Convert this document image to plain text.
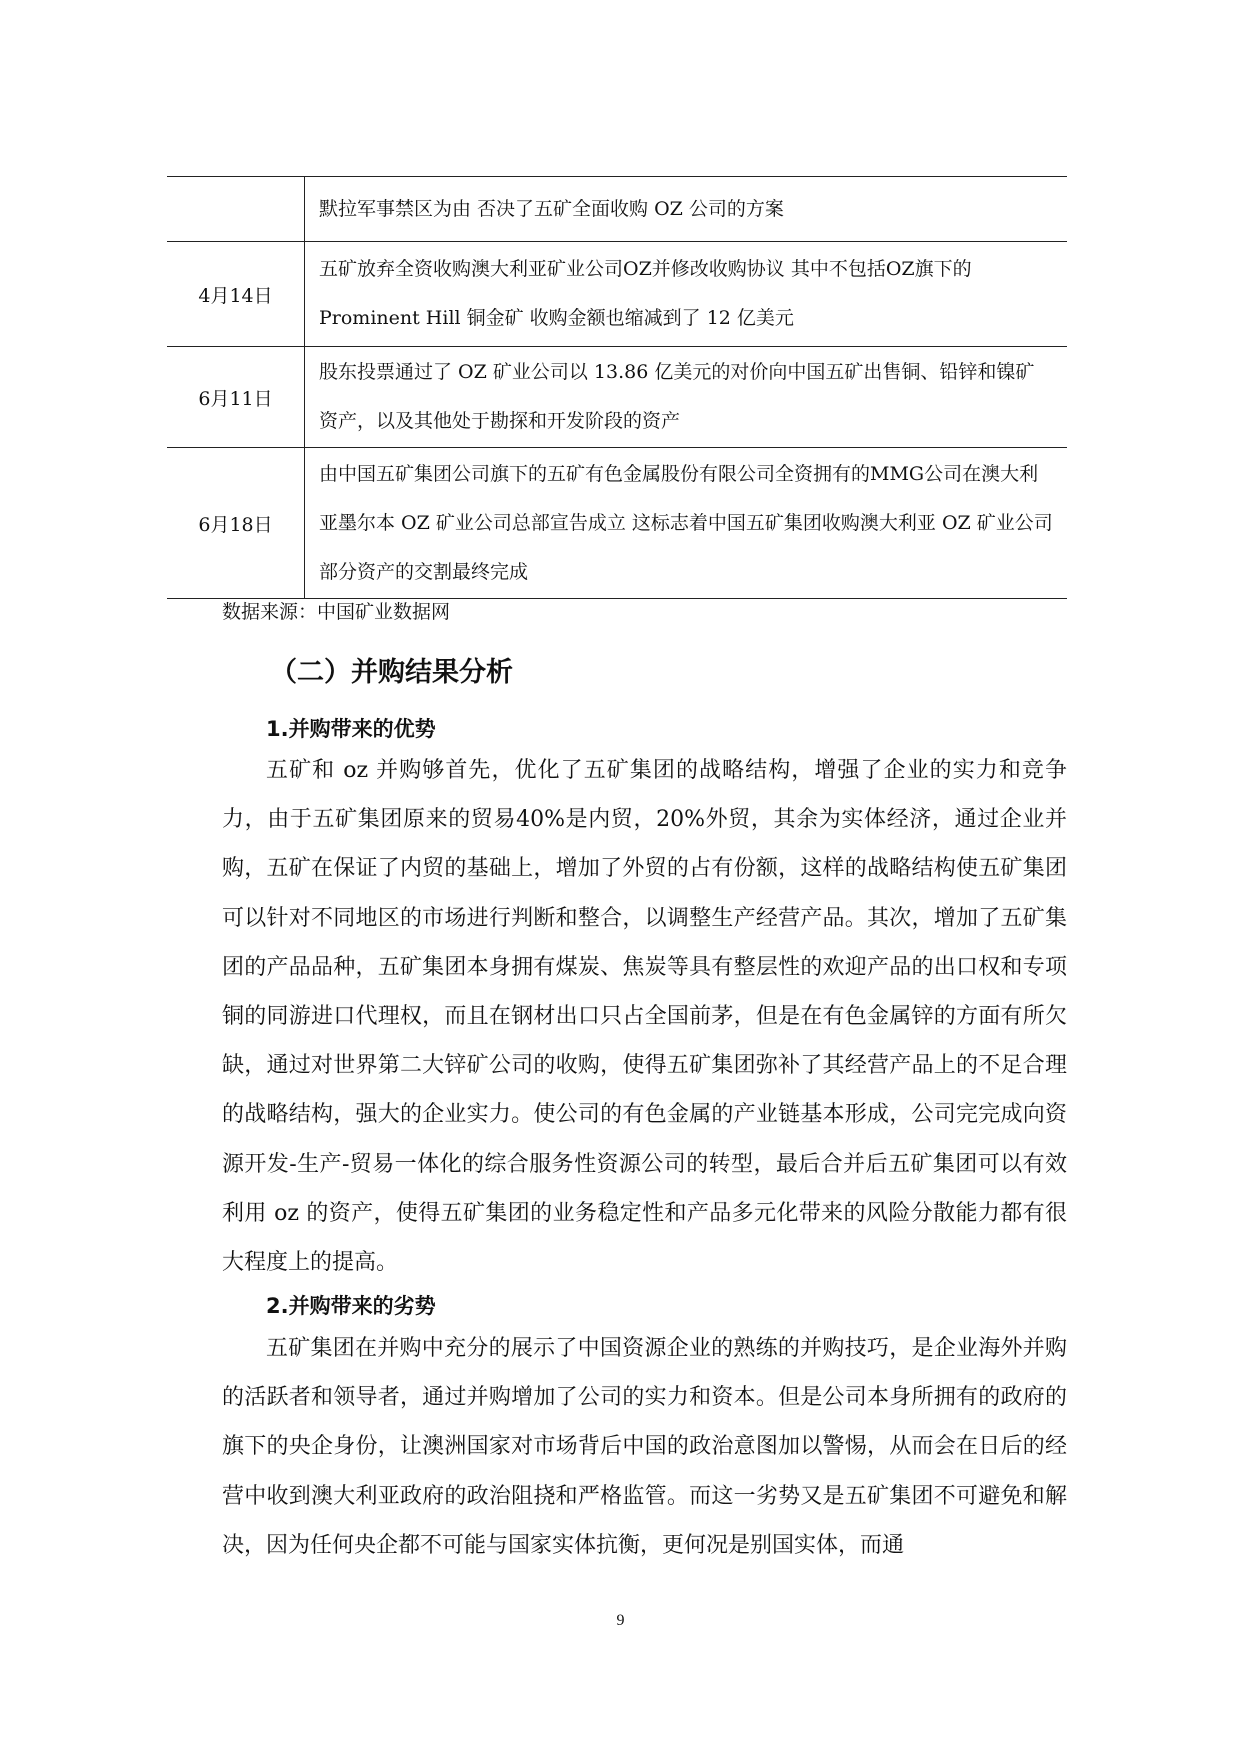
	默拉军事禁区为由 否决了五矿全面收购 OZ 公司的方案
4月14日	五矿放弃全资收购澳大利亚矿业公司OZ并修改收购协议 其中不包括OZ旗下的 Prominent Hill 铜金矿 收购金额也缩减到了 12 亿美元
6月11日	股东投票通过了 OZ 矿业公司以 13.86 亿美元的对价向中国五矿出售铜、铅锌和镍矿资产，以及其他处于勘探和开发阶段的资产
6月18日	由中国五矿集团公司旗下的五矿有色金属股份有限公司全资拥有的MMG公司在澳大利亚墨尔本 OZ 矿业公司总部宣告成立 这标志着中国五矿集团收购澳大利亚 OZ 矿业公司部分资产的交割最终完成
数据来源：中国矿业数据网
（二）并购结果分析
1.并购带来的优势
五矿和 oz 并购够首先，优化了五矿集团的战略结构，增强了企业的实力和竞争力，由于五矿集团原来的贸易40%是内贸，20%外贸，其余为实体经济，通过企业并购，五矿在保证了内贸的基础上，增加了外贸的占有份额，这样的战略结构使五矿集团可以针对不同地区的市场进行判断和整合，以调整生产经营产品。其次，增加了五矿集团的产品品种，五矿集团本身拥有煤炭、焦炭等具有整层性的欢迎产品的出口权和专项铜的同游进口代理权，而且在钢材出口只占全国前茅，但是在有色金属锌的方面有所欠缺，通过对世界第二大锌矿公司的收购，使得五矿集团弥补了其经营产品上的不足合理的战略结构，强大的企业实力。使公司的有色金属的产业链基本形成，公司完完成向资源开发-生产-贸易一体化的综合服务性资源公司的转型，最后合并后五矿集团可以有效利用 oz 的资产，使得五矿集团的业务稳定性和产品多元化带来的风险分散能力都有很大程度上的提高。
2.并购带来的劣势
五矿集团在并购中充分的展示了中国资源企业的熟练的并购技巧，是企业海外并购的活跃者和领导者，通过并购增加了公司的实力和资本。但是公司本身所拥有的政府的旗下的央企身份，让澳洲国家对市场背后中国的政治意图加以警惕，从而会在日后的经营中收到澳大利亚政府的政治阻挠和严格监管。而这一劣势又是五矿集团不可避免和解决，因为任何央企都不可能与国家实体抗衡，更何况是别国实体，而通
9
